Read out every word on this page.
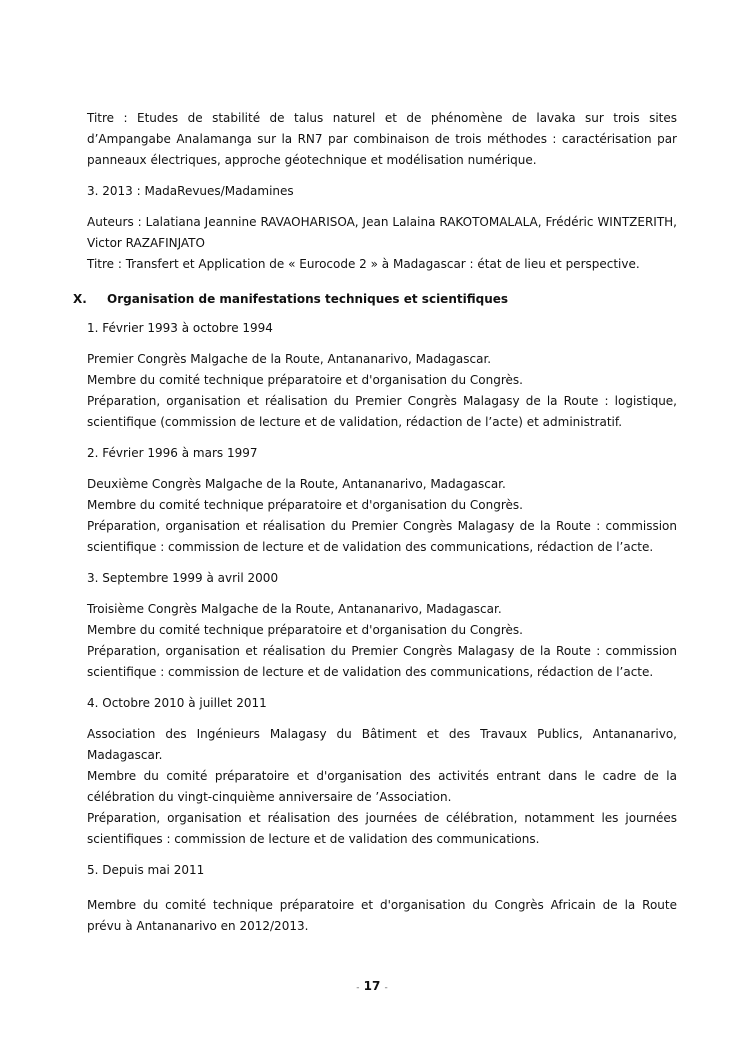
Titre : Etudes de stabilité de talus naturel et de phénomène de lavaka sur trois sites d’Ampangabe Analamanga sur la RN7 par combinaison de trois méthodes : caractérisation par panneaux électriques, approche géotechnique et modélisation numérique.

3. 2013 : MadaRevues/Madamines

Auteurs : Lalatiana Jeannine RAVAOHARISOA, Jean Lalaina RAKOTOMALALA, Frédéric WINTZERITH, Victor RAZAFINJATO

Titre : Transfert et Application de « Eurocode 2 » à Madagascar : état de lieu et perspective.

X. Organisation de manifestations techniques et scientifiques

1. Février 1993 à octobre 1994

Premier Congrès Malgache de la Route, Antananarivo, Madagascar.
Membre du comité technique préparatoire et d'organisation du Congrès.
Préparation, organisation et réalisation du Premier Congrès Malagasy de la Route : logistique, scientifique (commission de lecture et de validation, rédaction de l’acte) et administratif.

2. Février 1996 à mars 1997

Deuxième Congrès Malgache de la Route, Antananarivo, Madagascar.
Membre du comité technique préparatoire et d'organisation du Congrès.
Préparation, organisation et réalisation du Premier Congrès Malagasy de la Route : commission scientifique : commission de lecture et de validation des communications, rédaction de l’acte.

3. Septembre 1999 à avril 2000

Troisième Congrès Malgache de la Route, Antananarivo, Madagascar.
Membre du comité technique préparatoire et d'organisation du Congrès.
Préparation, organisation et réalisation du Premier Congrès Malagasy de la Route : commission scientifique : commission de lecture et de validation des communications, rédaction de l’acte.

4. Octobre 2010 à juillet 2011

Association des Ingénieurs Malagasy du Bâtiment et des Travaux Publics, Antananarivo, Madagascar.
Membre du comité préparatoire et d'organisation des activités entrant dans le cadre de la célébration du vingt-cinquième anniversaire de ’Association.
Préparation, organisation et réalisation des journées de célébration, notamment les journées scientifiques : commission de lecture et de validation des communications.

5. Depuis mai 2011

Membre du comité technique préparatoire et d'organisation du Congrès Africain de la Route prévu à Antananarivo en 2012/2013.
- 17 -
